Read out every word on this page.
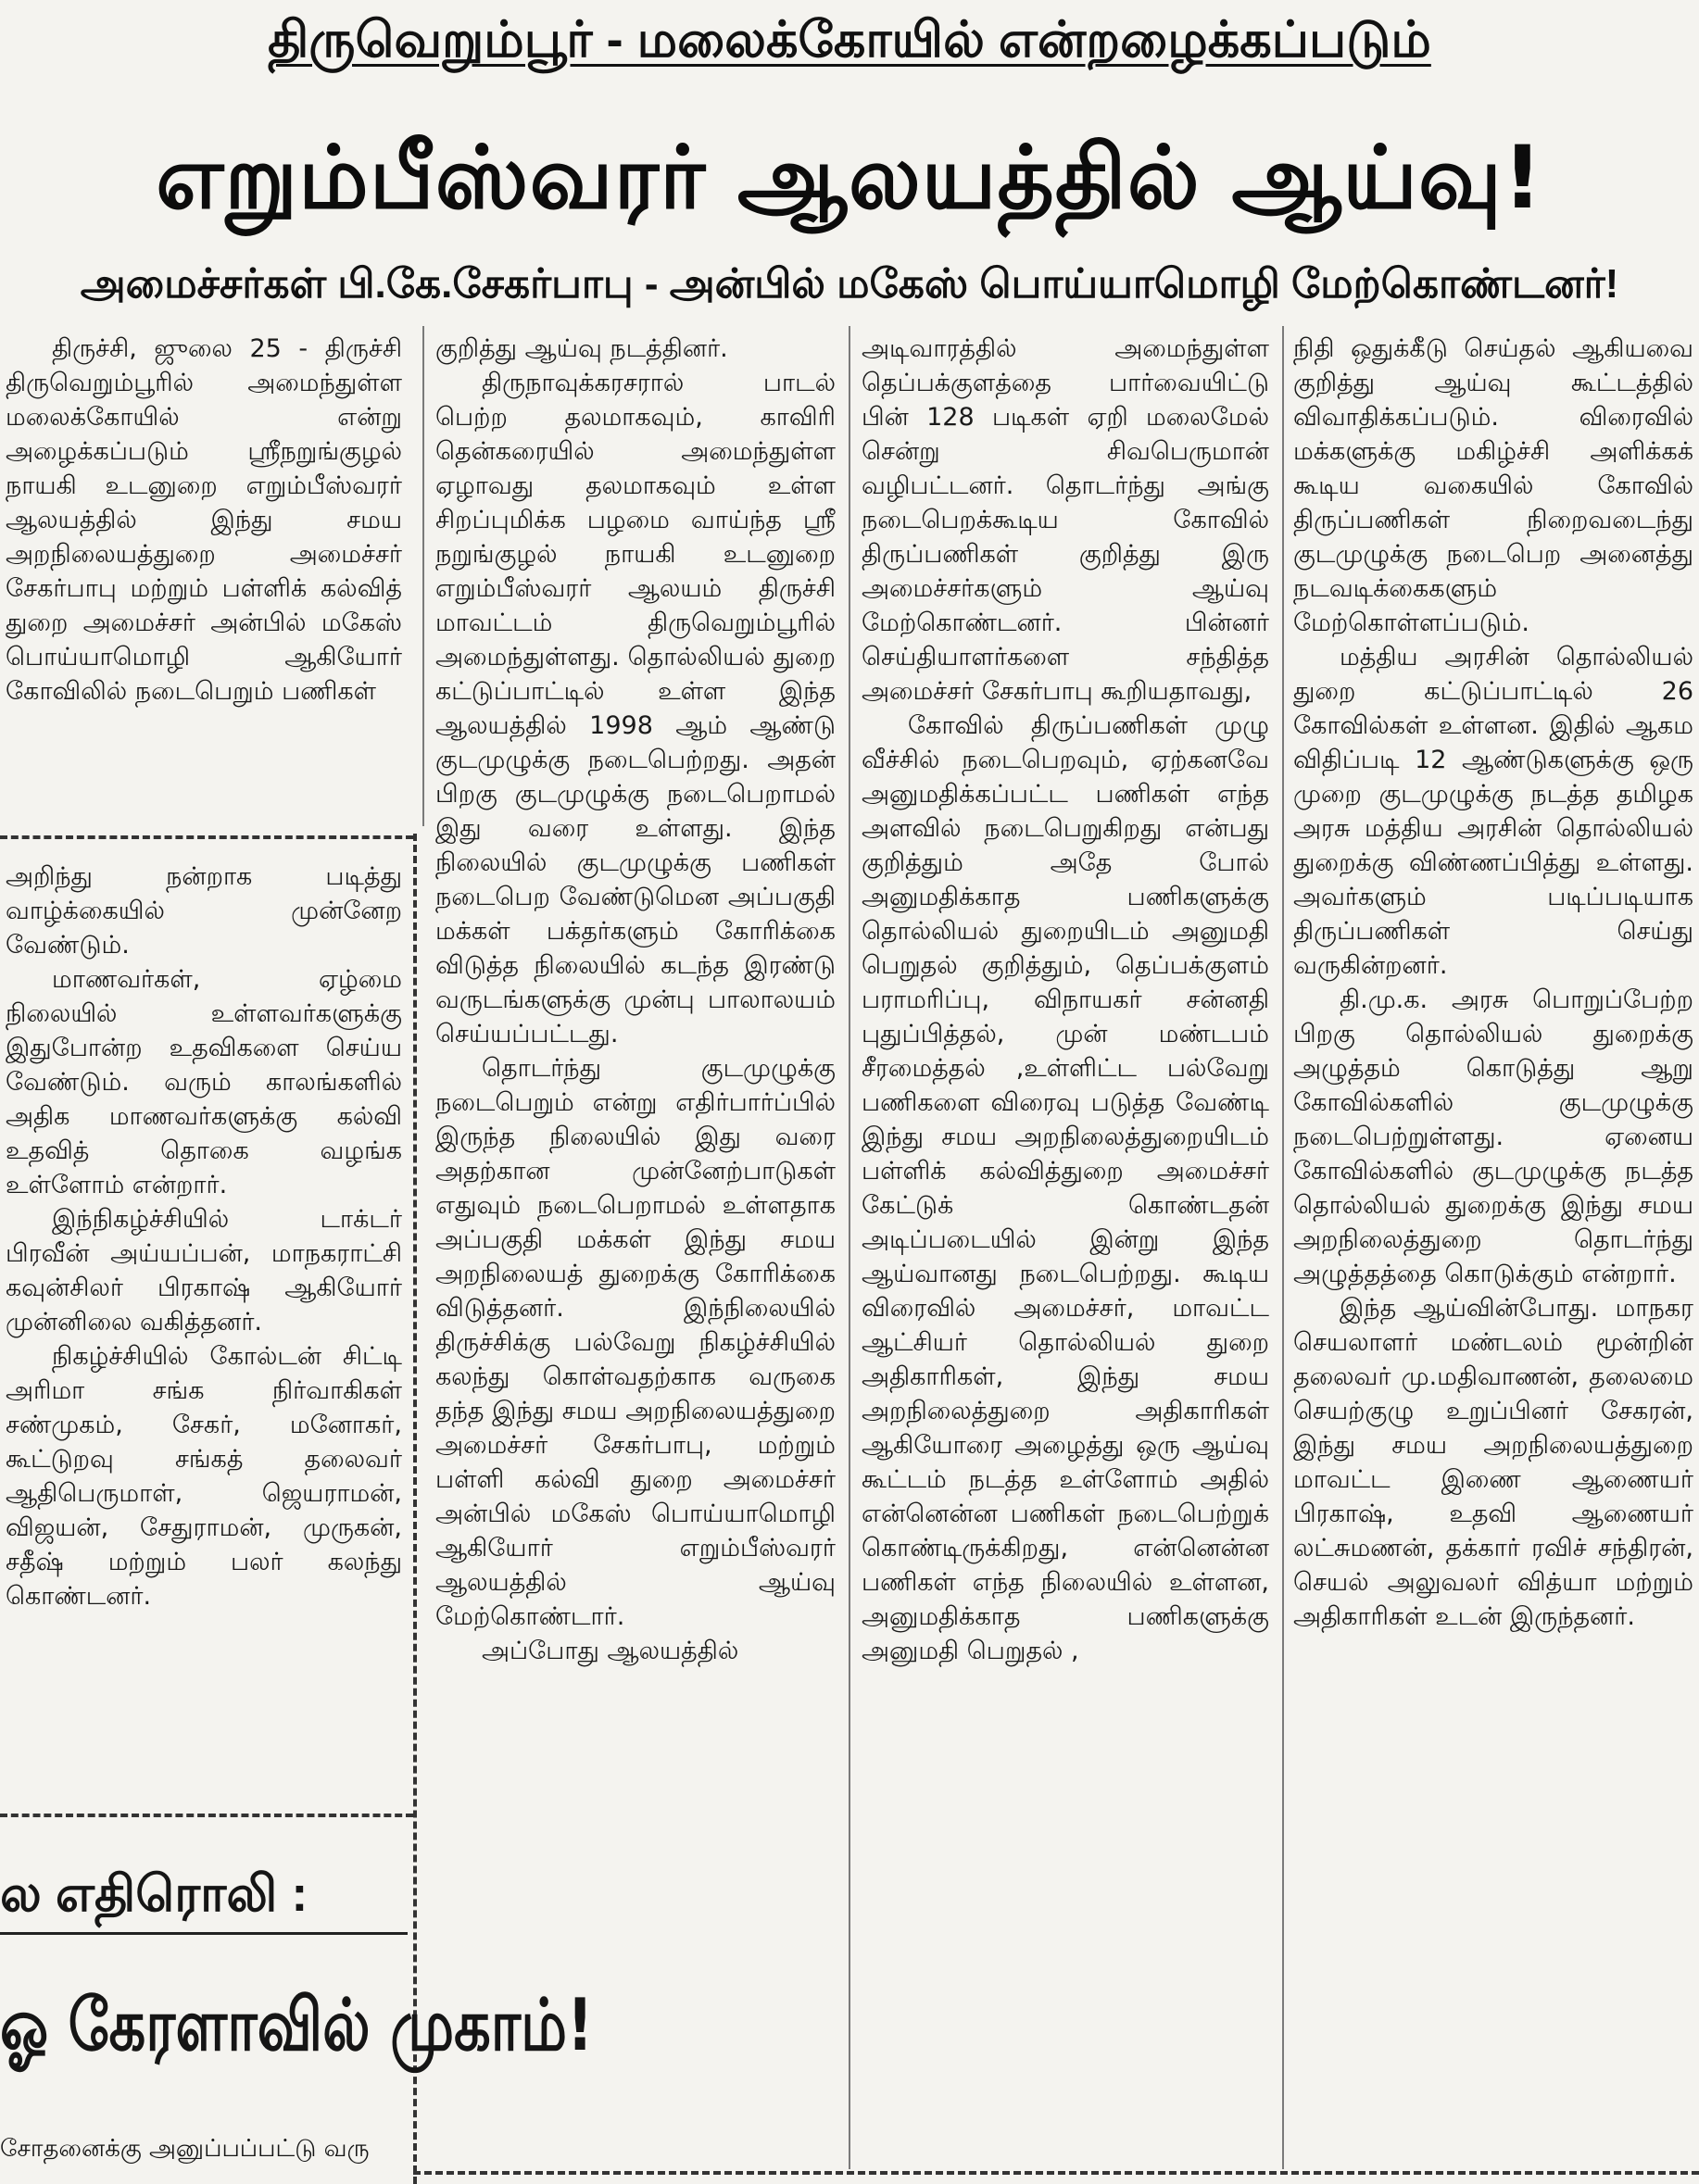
திருவெறும்பூர் - மலைக்கோயில் என்றழைக்கப்படும்
எறும்பீஸ்வரர் ஆலயத்தில் ஆய்வு!
அமைச்சர்கள் பி.கே.சேகர்பாபு - அன்பில் மகேஸ் பொய்யாமொழி மேற்கொண்டனர்!

திருச்சி, ஜுலை 25 - திருச்சி திருவெறும்பூரில் அமைந்துள்ள மலைக்கோயில் என்று அழைக்கப்படும் ஸ்ரீநறுங்குழல் நாயகி உடனுறை எறும்பீஸ்வரர் ஆலயத்தில் இந்து சமய அறநிலையத்துறை அமைச்சர் சேகர்பாபு மற்றும் பள்ளிக் கல்வித் துறை அமைச்சர் அன்பில் மகேஸ் பொய்யாமொழி ஆகியோர் கோவிலில் நடைபெறும் பணிகள்

அறிந்து நன்றாக படித்து வாழ்க்கையில் முன்னேற வேண்டும்.

மாணவர்கள், ஏழ்மை நிலையில் உள்ளவர்களுக்கு இதுபோன்ற உதவிகளை செய்ய வேண்டும். வரும் காலங்களில் அதிக மாணவர்களுக்கு கல்வி உதவித் தொகை வழங்க உள்ளோம் என்றார்.

இந்நிகழ்ச்சியில் டாக்டர் பிரவீன் அய்யப்பன், மாநகராட்சி கவுன்சிலர் பிரகாஷ் ஆகியோர் முன்னிலை வகித்தனர்.

நிகழ்ச்சியில் கோல்டன் சிட்டி அரிமா சங்க நிர்வாகிகள் சண்முகம், சேகர், மனோகர், கூட்டுறவு சங்கத் தலைவர் ஆதிபெருமாள், ஜெயராமன், விஜயன், சேதுராமன், முருகன், சதீஷ் மற்றும் பலர் கலந்து கொண்டனர்.

ல எதிரொலி :
ஓ கேரளாவில் முகாம்!
சோதனைக்கு அனுப்பப்பட்டு வரு

குறித்து ஆய்வு நடத்தினர்.

திருநாவுக்கரசரால் பாடல் பெற்ற தலமாகவும், காவிரி தென்கரையில் அமைந்துள்ள ஏழாவது தலமாகவும் உள்ள சிறப்புமிக்க பழமை வாய்ந்த ஸ்ரீ நறுங்குழல் நாயகி உடனுறை எறும்பீஸ்வரர் ஆலயம் திருச்சி மாவட்டம் திருவெறும்பூரில் அமைந்துள்ளது. தொல்லியல் துறை கட்டுப்பாட்டில் உள்ள இந்த ஆலயத்தில் 1998 ஆம் ஆண்டு குடமுழுக்கு நடைபெற்றது. அதன் பிறகு குடமுழுக்கு நடைபெறாமல் இது வரை உள்ளது. இந்த நிலையில் குடமுழுக்கு பணிகள் நடைபெற வேண்டுமென அப்பகுதி மக்கள் பக்தர்களும் கோரிக்கை விடுத்த நிலையில் கடந்த இரண்டு வருடங்களுக்கு முன்பு பாலாலயம் செய்யப்பட்டது.

தொடர்ந்து குடமுழுக்கு நடைபெறும் என்று எதிர்பார்ப்பில் இருந்த நிலையில் இது வரை அதற்கான முன்னேற்பாடுகள் எதுவும் நடைபெறாமல் உள்ளதாக அப்பகுதி மக்கள் இந்து சமய அறநிலையத் துறைக்கு கோரிக்கை விடுத்தனர். இந்நிலையில் திருச்சிக்கு பல்வேறு நிகழ்ச்சியில் கலந்து கொள்வதற்காக வருகை தந்த இந்து சமய அறநிலையத்துறை அமைச்சர் சேகர்பாபு, மற்றும் பள்ளி கல்வி துறை அமைச்சர் அன்பில் மகேஸ் பொய்யாமொழி ஆகியோர் எறும்பீஸ்வரர் ஆலயத்தில் ஆய்வு மேற்கொண்டார்.

அப்போது ஆலயத்தில்

அடிவாரத்தில் அமைந்துள்ள தெப்பக்குளத்தை பார்வையிட்டு பின் 128 படிகள் ஏறி மலைமேல் சென்று சிவபெருமான் வழிபட்டனர். தொடர்ந்து அங்கு நடைபெறக்கூடிய கோவில் திருப்பணிகள் குறித்து இரு அமைச்சர்களும் ஆய்வு மேற்கொண்டனர். பின்னர் செய்தியாளர்களை சந்தித்த அமைச்சர் சேகர்பாபு கூறியதாவது,

கோவில் திருப்பணிகள் முழு வீச்சில் நடைபெறவும், ஏற்கனவே அனுமதிக்கப்பட்ட பணிகள் எந்த அளவில் நடைபெறுகிறது என்பது குறித்தும் அதே போல் அனுமதிக்காத பணிகளுக்கு தொல்லியல் துறையிடம் அனுமதி பெறுதல் குறித்தும், தெப்பக்குளம் பராமரிப்பு, விநாயகர் சன்னதி புதுப்பித்தல், முன் மண்டபம் சீரமைத்தல் ,உள்ளிட்ட பல்வேறு பணிகளை விரைவு படுத்த வேண்டி இந்து சமய அறநிலைத்துறையிடம் பள்ளிக் கல்வித்துறை அமைச்சர் கேட்டுக் கொண்டதன் அடிப்படையில் இன்று இந்த ஆய்வானது நடைபெற்றது. கூடிய விரைவில் அமைச்சர், மாவட்ட ஆட்சியர் தொல்லியல் துறை அதிகாரிகள், இந்து சமய அறநிலைத்துறை அதிகாரிகள் ஆகியோரை அழைத்து ஒரு ஆய்வு கூட்டம் நடத்த உள்ளோம் அதில் என்னென்ன பணிகள் நடைபெற்றுக் கொண்டிருக்கிறது, என்னென்ன பணிகள் எந்த நிலையில் உள்ளன, அனுமதிக்காத பணிகளுக்கு அனுமதி பெறுதல் ,

நிதி ஒதுக்கீடு செய்தல் ஆகியவை குறித்து ஆய்வு கூட்டத்தில் விவாதிக்கப்படும். விரைவில் மக்களுக்கு மகிழ்ச்சி அளிக்கக் கூடிய வகையில் கோவில் திருப்பணிகள் நிறைவடைந்து குடமுழுக்கு நடைபெற அனைத்து நடவடிக்கைகளும் மேற்கொள்ளப்படும்.

மத்திய அரசின் தொல்லியல் துறை கட்டுப்பாட்டில் 26 கோவில்கள் உள்ளன. இதில் ஆகம விதிப்படி 12 ஆண்டுகளுக்கு ஒரு முறை குடமுழுக்கு நடத்த தமிழக அரசு மத்திய அரசின் தொல்லியல் துறைக்கு விண்ணப்பித்து உள்ளது. அவர்களும் படிப்படியாக திருப்பணிகள் செய்து வருகின்றனர்.

தி.மு.க. அரசு பொறுப்பேற்ற பிறகு தொல்லியல் துறைக்கு அழுத்தம் கொடுத்து ஆறு கோவில்களில் குடமுழுக்கு நடைபெற்றுள்ளது. ஏனைய கோவில்களில் குடமுழுக்கு நடத்த தொல்லியல் துறைக்கு இந்து சமய அறநிலைத்துறை தொடர்ந்து அழுத்தத்தை கொடுக்கும் என்றார்.

இந்த ஆய்வின்போது. மாநகர செயலாளர் மண்டலம் மூன்றின் தலைவர் மு.மதிவாணன், தலைமை செயற்குழு உறுப்பினர் சேகரன், இந்து சமய அறநிலையத்துறை மாவட்ட இணை ஆணையர் பிரகாஷ், உதவி ஆணையர் லட்சுமணன், தக்கார் ரவிச் சந்திரன், செயல் அலுவலர் வித்யா மற்றும் அதிகாரிகள் உடன் இருந்தனர்.
